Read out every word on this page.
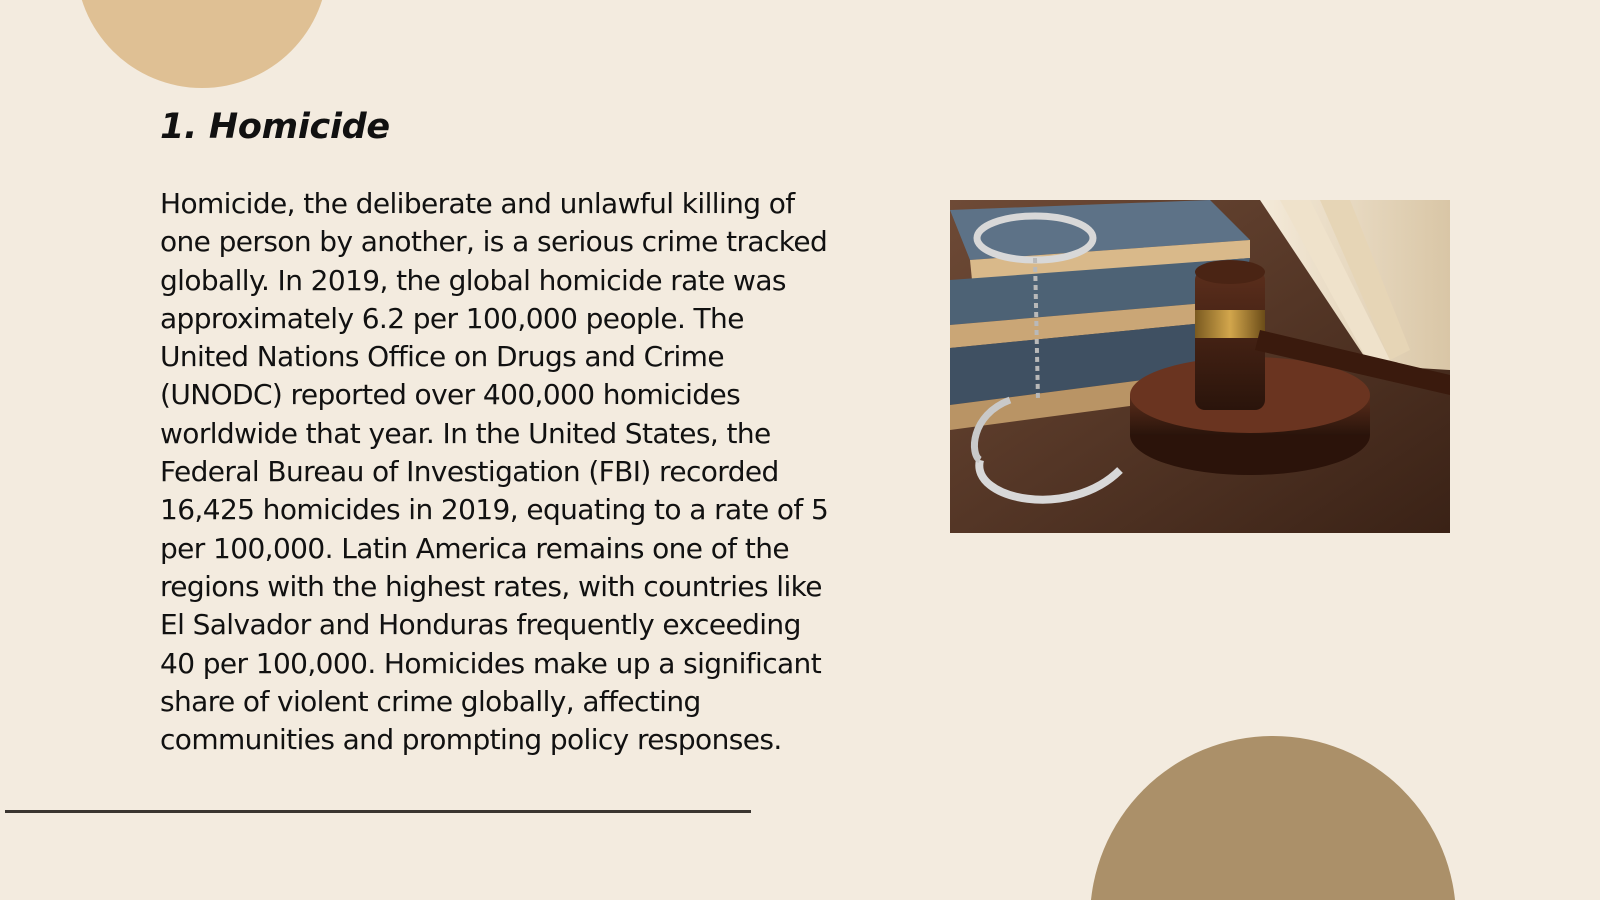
1. Homicide

Homicide, the deliberate and unlawful killing of one person by another, is a serious crime tracked globally. In 2019, the global homicide rate was approximately 6.2 per 100,000 people. The United Nations Office on Drugs and Crime (UNODC) reported over 400,000 homicides worldwide that year. In the United States, the Federal Bureau of Investigation (FBI) recorded 16,425 homicides in 2019, equating to a rate of 5 per 100,000. Latin America remains one of the regions with the highest rates, with countries like El Salvador and Honduras frequently exceeding 40 per 100,000. Homicides make up a significant share of violent crime globally, affecting communities and prompting policy responses.
